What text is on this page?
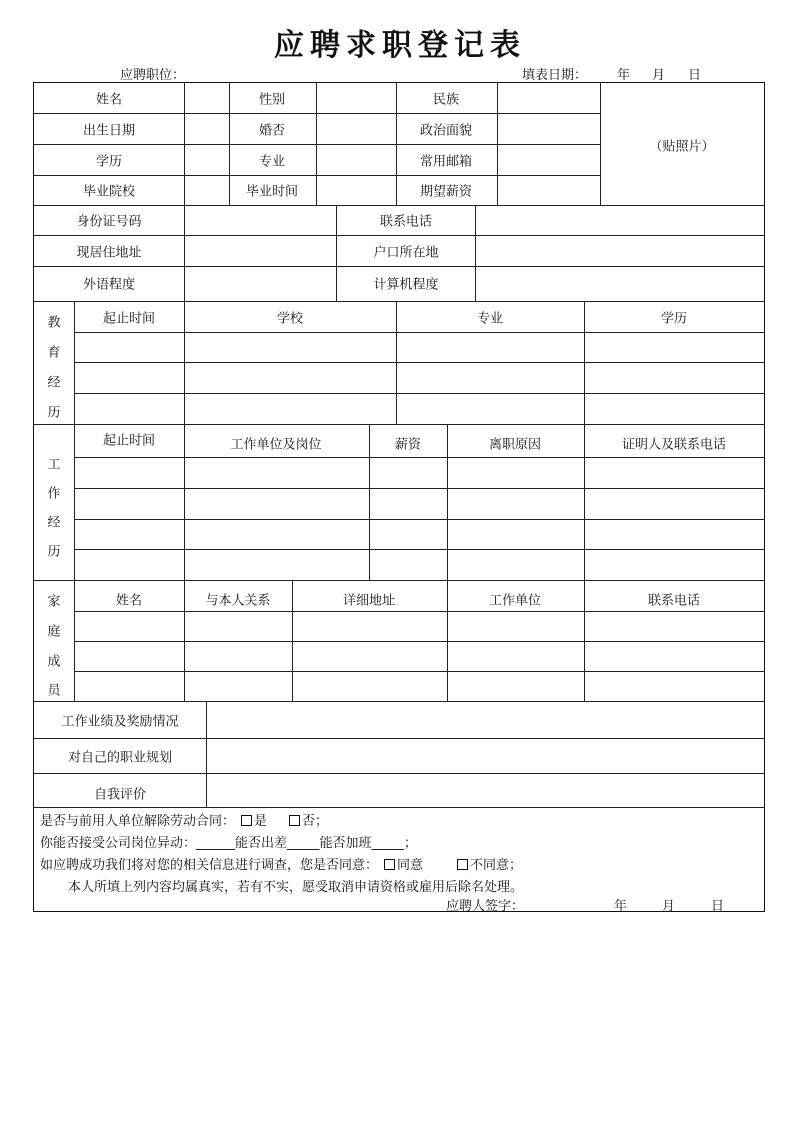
应聘求职登记表
应聘职位：	填表日期： 年 月 日
姓名	性别	民族
出生日期	婚否	政治面貌
学历	专业	常用邮箱
毕业院校	毕业时间	期望薪资
（贴照片）
身份证号码	联系电话
现居住地址	户口所在地
外语程度	计算机程度
教
育
经
历
起止时间	学校	专业	学历
工
作
经
历
起止时间	工作单位及岗位	薪资	离职原因	证明人及联系电话
家
庭
成
员
姓名	与本人关系	详细地址	工作单位	联系电话
工作业绩及奖励情况
对自己的职业规划
自我评价
是否与前用人单位解除劳动合同： 是	否；
你能否接受公司岗位异动：______能否出差_____能否加班_____；
如应聘成功我们将对您的相关信息进行调查，您是否同意： 同意	不同意；
本人所填上列内容均属真实，若有不实，愿受取消申请资格或雇用后除名处理。
应聘人签字：	年	月	日
